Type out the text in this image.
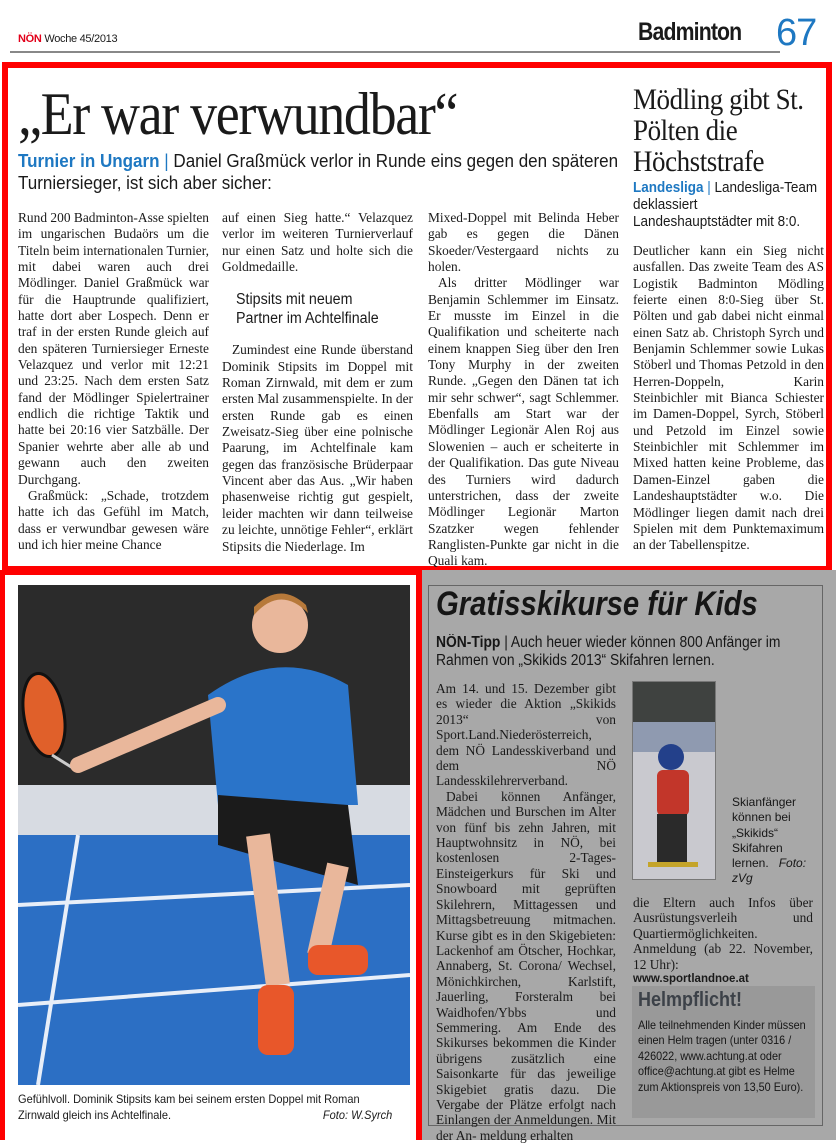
NÖN Woche 45/2013	Badminton 67
„Er war verwundbar“
Turnier in Ungarn | Daniel Graßmück verlor in Runde eins gegen den späteren Turniersieger, ist sich aber sicher:

Rund 200 Badminton-Asse spielten im ungarischen Budaörs um die Titeln beim internationalen Turnier, mit dabei waren auch drei Mödlinger. Daniel Graßmück war für die Hauptrunde qualifiziert, hatte dort aber Lospech. Denn er traf in der ersten Runde gleich auf den späteren Turniersieger Erneste Velazquez und verlor mit 12:21 und 23:25. Nach dem ersten Satz fand der Mödlinger Spielertrainer endlich die richtige Taktik und hatte bei 20:16 vier Satzbälle. Der Spanier wehrte aber alle ab und gewann auch den zweiten Durchgang.

Graßmück: „Schade, trotzdem hatte ich das Gefühl im Match, dass er verwundbar gewesen wäre und ich hier meine Chance

auf einen Sieg hatte.“ Velazquez verlor im weiteren Turnierverlauf nur einen Satz und holte sich die Goldmedaille.

Stipsits mit neuem Partner im Achtelfinale

Zumindest eine Runde überstand Dominik Stipsits im Doppel mit Roman Zirnwald, mit dem er zum ersten Mal zusammenspielte. In der ersten Runde gab es einen Zweisatz-Sieg über eine polnische Paarung, im Achtelfinale kam gegen das französische Brüderpaar Vincent aber das Aus. „Wir haben phasenweise richtig gut gespielt, leider machten wir dann teilweise zu leichte, unnötige Fehler“, erklärt Stipsits die Niederlage. Im

Mixed-Doppel mit Belinda Heber gab es gegen die Dänen Skoeder/Vestergaard nichts zu holen.

Als dritter Mödlinger war Benjamin Schlemmer im Einsatz. Er musste im Einzel in die Qualifikation und scheiterte nach einem knappen Sieg über den Iren Tony Murphy in der zweiten Runde. „Gegen den Dänen tat ich mir sehr schwer“, sagt Schlemmer. Ebenfalls am Start war der Mödlinger Legionär Alen Roj aus Slowenien – auch er scheiterte in der Qualifikation. Das gute Niveau des Turniers wird dadurch unterstrichen, dass der zweite Mödlinger Legionär Marton Szatzker wegen fehlender Ranglisten-Punkte gar nicht in die Quali kam.

Mödling gibt St. Pölten die Höchststrafe
Landesliga | Landesliga-Team deklassiert Landeshauptstädter mit 8:0.

Deutlicher kann ein Sieg nicht ausfallen. Das zweite Team des AS Logistik Badminton Mödling feierte einen 8:0-Sieg über St. Pölten und gab dabei nicht einmal einen Satz ab. Christoph Syrch und Benjamin Schlemmer sowie Lukas Stöberl und Thomas Petzold in den Herren-Doppeln, Karin Steinbichler mit Bianca Schiester im Damen-Doppel, Syrch, Stöberl und Petzold im Einzel sowie Steinbichler mit Schlemmer im Mixed hatten keine Probleme, das Damen-Einzel gaben die Landeshauptstädter w.o. Die Mödlinger liegen damit nach drei Spielen mit dem Punktemaximum an der Tabellenspitze.

Gefühlvoll. Dominik Stipsits kam bei seinem ersten Doppel mit Roman Zirnwald gleich ins Achtelfinale.	Foto: W.Syrch
Gratisskikurse für Kids
NÖN-Tipp | Auch heuer wieder können 800 Anfänger im Rahmen von „Skikids 2013“ Skifahren lernen.

Am 14. und 15. Dezember gibt es wieder die Aktion „Skikids 2013“ von Sport.Land.Niederösterreich, dem NÖ Landesskiverband und dem NÖ Landesskilehrerverband.

Dabei können Anfänger, Mädchen und Burschen im Alter von fünf bis zehn Jahren, mit Hauptwohnsitz in NÖ, bei kostenlosen 2-Tages-Einsteigerkurs für Ski und Snowboard mit geprüften Skilehrern, Mittagessen und Mittagsbetreuung mitmachen. Kurse gibt es in den Skigebieten: Lackenhof am Ötscher, Hochkar, Annaberg, St. Corona/ Wechsel, Mönichkirchen, Karlstift, Jauerling, Forsteralm bei Waidhofen/Ybbs und Semmering. Am Ende des Skikurses bekommen die Kinder übrigens zusätzlich eine Saisonkarte für das jeweilige Skigebiet gratis dazu. Die Vergabe der Plätze erfolgt nach Einlangen der Anmeldungen. Mit der An- meldung erhalten

Skianfänger können bei „Skikids“ Skifahren lernen. Foto: zVg

die Eltern auch Infos über Ausrüstungsverleih und Quartiermöglichkeiten. Anmeldung (ab 22. November, 12 Uhr):

www.sportlandnoe.at

Helmpflicht!

Alle teilnehmenden Kinder müssen einen Helm tragen (unter 0316 / 426022, www.achtung.at oder office@achtung.at gibt es Helme zum Aktionspreis von 13,50 Euro).
